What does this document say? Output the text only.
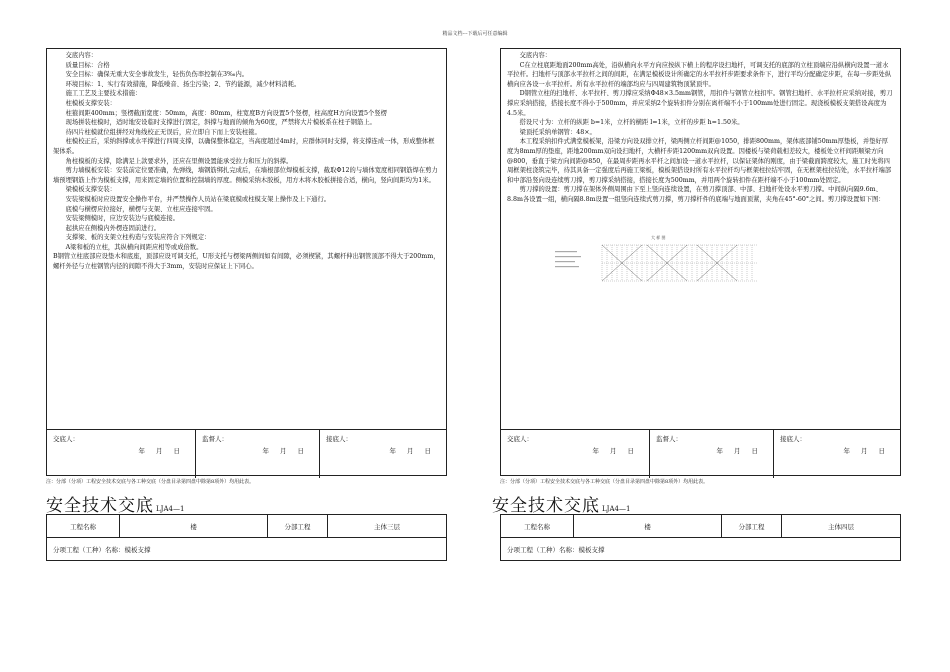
精品文档---下载后可任意编辑

交底内容：

质量目标：合格

安全目标：确保无重大安全事故发生，轻伤负伤率控制在3‰内。

环境目标：1、实行有效措施，降低噪音、扬尘污染；2、节约能源，减少材料消耗。

施工工艺及主要技术措施：

柱模板支撑安装：

柱箍间距400mm；竖楞截面宽度：50mm，高度：80mm，柱宽度B方向设置5个竖楞，柱高度H方向设置5个竖楞

现场拼装柱模时，适时地安设临时支撑进行固定，斜撑与地面的倾角为60度，严禁将大片模板系在柱子钢筋上。

待四片柱模就位组拼经对角线校正无误后，应立即自下而上安装柱箍。

柱模校正后，采纳斜撑或水平撑进行四周支撑，以确保整体稳定，当高度超过4m时，应群体同时支撑，将支撑连成一体，形成整体框架体系。

角柱模板的支撑，除满足上款要求外，还应在里侧设置能承受拉力和压力的斜撑。

剪力墙模板安装：安装前定位要准确，先弹线，墙钢筋绑扎完成后，在墙根部位焊模板支撑，截取Φ12的与墙体宽度相同钢筋焊在剪力墙预埋钢筋上作为模板支撑，用来固定墙的位置和控制墙的厚度。侧模采纳木胶板，用方木将木胶板拼接合适，横向，竖向间距均为1米。

梁模板支撑安装：

安装梁模板时应设置安全操作平台，并严禁操作人员站在梁底模或柱模支架上操作及上下通行。

底模与横楞应拉接好，横楞与支架、立柱应连接牢固。

安装梁侧模时，应边安装边与底模连接。

起拱应在侧模内外楞连固前进行。

支撑梁、板的支架立柱构造与安装应符合下列规定：

A梁和板的立柱，其纵横向间距应相等或成倍数。

B钢管立柱底部应设垫木和底座，顶部应设可调支托，U形支托与楞梁两侧间如有间隙，必须楔紧，其螺杆伸出钢管顶部不得大于200mm，螺杆外径与立柱钢管内径的间隙不得大于3mm，安装时应保证上下同心。

交底人：
年 月 日
监督人：
年 月 日
接底人：
年 月 日
注：分部（分项）工程安全技术交底与各工种交底（分盘目录第四盘中除第8项外）均用此表。
安全技术交底 LJA4—1
工程名称	楼	分部工程	主体三层
分项工程（工种）名称：模板支撑

交底内容：

C在立柱底距地面200mm高处，沿纵横向水平方向应按纵下横上的程序设扫地杆，可调支托的底部的立柱顶端应沿纵横向设置一道水平拉杆。扫地杆与顶部水平拉杆之间的间距，在满足模板设计所确定的水平拉杆步距要求条件下，进行平均分配确定步距，在每一步距处纵横向应各设一水平拉杆。所有水平拉杆的端部均应与四周建筑物顶紧顶牢。

D钢管立柱的扫地杆、水平拉杆、剪刀撑应采纳Φ48×3.5mm钢管，用扣件与钢管立柱扣牢。钢管扫地杆、水平拉杆应采纳对接，剪刀撑应采纳搭接，搭接长度不得小于500mm，并应采纳2个旋转扣件分别在离杆端不小于100mm处进行固定。现浇板模板支架搭设高度为4.5米。

搭设尺寸为：立杆的纵距 b=1米，立杆的横距 l=1米，立杆的步距 h=1.50米。

梁顶托采纳单钢管：48×。

本工程采纳扣件式满堂模板架，沿梁方向设双排立杆，梁两侧立杆间距@1050，排距800mm，架体底部铺50mm厚垫板，并垫好厚度为8mm厚的垫座，距地200mm双向设扫地杆，大横杆步距1200mm双向设置。因楼板与梁荷载相差较大，楼板处立杆间距顺梁方向@800，垂直于梁方向间距@850，在最周步距再水平杆之间加设一道水平拉杆，以保证架体的刚度，由于梁截面跨度较大，施工时先将四周框架柱浇筑完毕，待其具备一定强度后再施工梁板，模板架搭设时所有水平拉杆均与框架柱拉结牢固，在无框架柱拉结处，水平拉杆端部和中部沿竖向设连续剪刀撑，剪刀撑采纳搭接，搭接长度为500mm，并用两个旋转扣件在距杆端不小于100mm处固定。

剪刀撑的设置：剪刀撑在架体外侧周围由下至上竖向连续设置，在剪刀撑顶部、中部、扫地杆处设水平剪刀撑。中间纵向隔9.6m、8.8m各设置一组，横向隔8.8m设置一组竖向连续式剪刀撑，剪刀撑杆件的底端与地面顶紧，夹角在45°-60°之间。剪刀撑设置如下图：

大 样 图
交底人：
年 月 日
监督人：
年 月 日
接底人：
年 月 日
注：分部（分项）工程安全技术交底与各工种交底（分盘目录第四盘中除第8项外）均用此表。
安全技术交底 LJA4—1
工程名称	楼	分部工程	主体四层
分项工程（工种）名称：模板支撑
